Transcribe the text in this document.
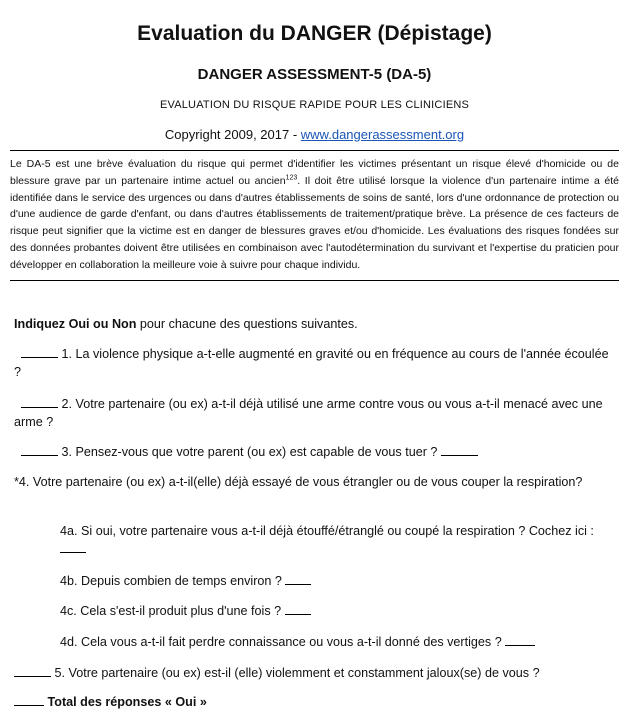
Evaluation du DANGER (Dépistage)
DANGER ASSESSMENT-5 (DA-5)
EVALUATION DU RISQUE RAPIDE POUR LES CLINICIENS
Copyright 2009, 2017 - www.dangerassessment.org
Le DA-5 est une brève évaluation du risque qui permet d'identifier les victimes présentant un risque élevé d'homicide ou de blessure grave par un partenaire intime actuel ou ancien$^{123}$. Il doit être utilisé lorsque la violence d'un partenaire intime a été identifiée dans le service des urgences ou dans d'autres établissements de soins de santé, lors d'une ordonnance de protection ou d'une audience de garde d'enfant, ou dans d'autres établissements de traitement/pratique brève. La présence de ces facteurs de risque peut signifier que la victime est en danger de blessures graves et/ou d'homicide. Les évaluations des risques fondées sur des données probantes doivent être utilisées en combinaison avec l'autodétermination du survivant et l'expertise du praticien pour développer en collaboration la meilleure voie à suivre pour chaque individu.
Indiquez Oui ou Non pour chacune des questions suivantes.
1. La violence physique a-t-elle augmenté en gravité ou en fréquence au cours de l'année écoulée ?
2. Votre partenaire (ou ex) a-t-il déjà utilisé une arme contre vous ou vous a-t-il menacé avec une arme ?
3. Pensez-vous que votre parent (ou ex) est capable de vous tuer ?
*4. Votre partenaire (ou ex) a-t-il(elle) déjà essayé de vous étrangler ou de vous couper la respiration?
4a. Si oui, votre partenaire vous a-t-il déjà étouffé/étranglé ou coupé la respiration ? Cochez ici :
4b. Depuis combien de temps environ ?
4c. Cela s'est-il produit plus d'une fois ?
4d. Cela vous a-t-il fait perdre connaissance ou vous a-t-il donné des vertiges ?
5. Votre partenaire (ou ex) est-il (elle) violemment et constamment jaloux(se) de vous ?
Total des réponses « Oui »
